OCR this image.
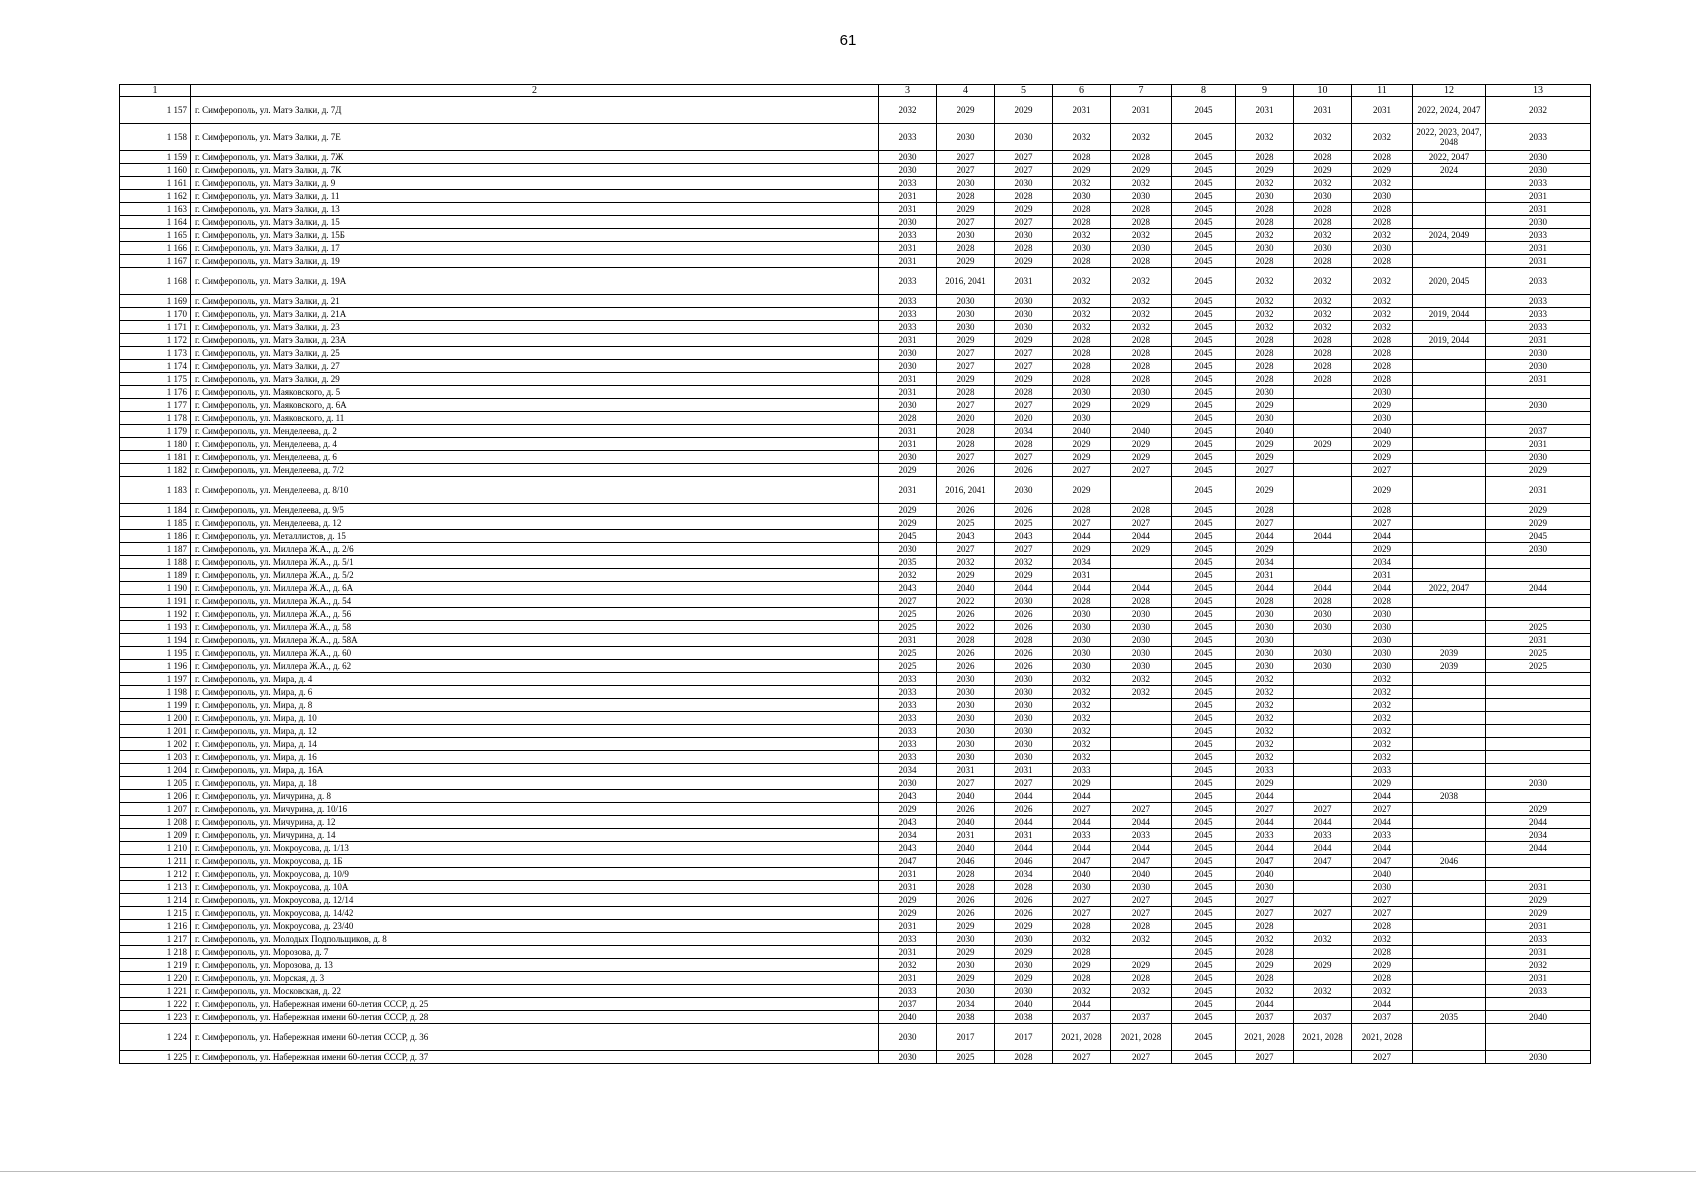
61
1	2	3	4	5	6	7	8	9	10	11	12	13
1 157	г. Симферополь, ул. Матэ Залки, д. 7Д	2032	2029	2029	2031	2031	2045	2031	2031	2031	2022, 2024, 2047	2032
1 158	г. Симферополь, ул. Матэ Залки, д. 7Е	2033	2030	2030	2032	2032	2045	2032	2032	2032	2022, 2023, 2047, 2048	2033
1 159	г. Симферополь, ул. Матэ Залки, д. 7Ж	2030	2027	2027	2028	2028	2045	2028	2028	2028	2022, 2047	2030
1 160	г. Симферополь, ул. Матэ Залки, д. 7К	2030	2027	2027	2029	2029	2045	2029	2029	2029	2024	2030
1 161	г. Симферополь, ул. Матэ Залки, д. 9	2033	2030	2030	2032	2032	2045	2032	2032	2032		2033
1 162	г. Симферополь, ул. Матэ Залки, д. 11	2031	2028	2028	2030	2030	2045	2030	2030	2030		2031
1 163	г. Симферополь, ул. Матэ Залки, д. 13	2031	2029	2029	2028	2028	2045	2028	2028	2028		2031
1 164	г. Симферополь, ул. Матэ Залки, д. 15	2030	2027	2027	2028	2028	2045	2028	2028	2028		2030
1 165	г. Симферополь, ул. Матэ Залки, д. 15Б	2033	2030	2030	2032	2032	2045	2032	2032	2032	2024, 2049	2033
1 166	г. Симферополь, ул. Матэ Залки, д. 17	2031	2028	2028	2030	2030	2045	2030	2030	2030		2031
1 167	г. Симферополь, ул. Матэ Залки, д. 19	2031	2029	2029	2028	2028	2045	2028	2028	2028		2031
1 168	г. Симферополь, ул. Матэ Залки, д. 19А	2033	2016, 2041	2031	2032	2032	2045	2032	2032	2032	2020, 2045	2033
1 169	г. Симферополь, ул. Матэ Залки, д. 21	2033	2030	2030	2032	2032	2045	2032	2032	2032		2033
1 170	г. Симферополь, ул. Матэ Залки, д. 21А	2033	2030	2030	2032	2032	2045	2032	2032	2032	2019, 2044	2033
1 171	г. Симферополь, ул. Матэ Залки, д. 23	2033	2030	2030	2032	2032	2045	2032	2032	2032		2033
1 172	г. Симферополь, ул. Матэ Залки, д. 23А	2031	2029	2029	2028	2028	2045	2028	2028	2028	2019, 2044	2031
1 173	г. Симферополь, ул. Матэ Залки, д. 25	2030	2027	2027	2028	2028	2045	2028	2028	2028		2030
1 174	г. Симферополь, ул. Матэ Залки, д. 27	2030	2027	2027	2028	2028	2045	2028	2028	2028		2030
1 175	г. Симферополь, ул. Матэ Залки, д. 29	2031	2029	2029	2028	2028	2045	2028	2028	2028		2031
1 176	г. Симферополь, ул. Маяковского, д. 5	2031	2028	2028	2030	2030	2045	2030		2030		
1 177	г. Симферополь, ул. Маяковского, д. 6А	2030	2027	2027	2029	2029	2045	2029		2029		2030
1 178	г. Симферополь, ул. Маяковского, д. 11	2028	2020	2020	2030		2045	2030		2030		
1 179	г. Симферополь, ул. Менделеева, д. 2	2031	2028	2034	2040	2040	2045	2040		2040		2037
1 180	г. Симферополь, ул. Менделеева, д. 4	2031	2028	2028	2029	2029	2045	2029	2029	2029		2031
1 181	г. Симферополь, ул. Менделеева, д. 6	2030	2027	2027	2029	2029	2045	2029		2029		2030
1 182	г. Симферополь, ул. Менделеева, д. 7/2	2029	2026	2026	2027	2027	2045	2027		2027		2029
1 183	г. Симферополь, ул. Менделеева, д. 8/10	2031	2016, 2041	2030	2029		2045	2029		2029		2031
1 184	г. Симферополь, ул. Менделеева, д. 9/5	2029	2026	2026	2028	2028	2045	2028		2028		2029
1 185	г. Симферополь, ул. Менделеева, д. 12	2029	2025	2025	2027	2027	2045	2027		2027		2029
1 186	г. Симферополь, ул. Металлистов, д. 15	2045	2043	2043	2044	2044	2045	2044	2044	2044		2045
1 187	г. Симферополь, ул. Миллера Ж.А., д. 2/6	2030	2027	2027	2029	2029	2045	2029		2029		2030
1 188	г. Симферополь, ул. Миллера Ж.А., д. 5/1	2035	2032	2032	2034		2045	2034		2034		
1 189	г. Симферополь, ул. Миллера Ж.А., д. 5/2	2032	2029	2029	2031		2045	2031		2031		
1 190	г. Симферополь, ул. Миллера Ж.А., д. 6А	2043	2040	2044	2044	2044	2045	2044	2044	2044	2022, 2047	2044
1 191	г. Симферополь, ул. Миллера Ж.А., д. 54	2027	2022	2030	2028	2028	2045	2028	2028	2028		
1 192	г. Симферополь, ул. Миллера Ж.А., д. 56	2025	2026	2026	2030	2030	2045	2030	2030	2030		
1 193	г. Симферополь, ул. Миллера Ж.А., д. 58	2025	2022	2026	2030	2030	2045	2030	2030	2030		2025
1 194	г. Симферополь, ул. Миллера Ж.А., д. 58А	2031	2028	2028	2030	2030	2045	2030		2030		2031
1 195	г. Симферополь, ул. Миллера Ж.А., д. 60	2025	2026	2026	2030	2030	2045	2030	2030	2030	2039	2025
1 196	г. Симферополь, ул. Миллера Ж.А., д. 62	2025	2026	2026	2030	2030	2045	2030	2030	2030	2039	2025
1 197	г. Симферополь, ул. Мира, д. 4	2033	2030	2030	2032	2032	2045	2032		2032		
1 198	г. Симферополь, ул. Мира, д. 6	2033	2030	2030	2032	2032	2045	2032		2032		
1 199	г. Симферополь, ул. Мира, д. 8	2033	2030	2030	2032		2045	2032		2032		
1 200	г. Симферополь, ул. Мира, д. 10	2033	2030	2030	2032		2045	2032		2032		
1 201	г. Симферополь, ул. Мира, д. 12	2033	2030	2030	2032		2045	2032		2032		
1 202	г. Симферополь, ул. Мира, д. 14	2033	2030	2030	2032		2045	2032		2032		
1 203	г. Симферополь, ул. Мира, д. 16	2033	2030	2030	2032		2045	2032		2032		
1 204	г. Симферополь, ул. Мира, д. 16А	2034	2031	2031	2033		2045	2033		2033		
1 205	г. Симферополь, ул. Мира, д. 18	2030	2027	2027	2029		2045	2029		2029		2030
1 206	г. Симферополь, ул. Мичурина, д. 8	2043	2040	2044	2044		2045	2044		2044	2038	
1 207	г. Симферополь, ул. Мичурина, д. 10/16	2029	2026	2026	2027	2027	2045	2027	2027	2027		2029
1 208	г. Симферополь, ул. Мичурина, д. 12	2043	2040	2044	2044	2044	2045	2044	2044	2044		2044
1 209	г. Симферополь, ул. Мичурина, д. 14	2034	2031	2031	2033	2033	2045	2033	2033	2033		2034
1 210	г. Симферополь, ул. Мокроусова, д. 1/13	2043	2040	2044	2044	2044	2045	2044	2044	2044		2044
1 211	г. Симферополь, ул. Мокроусова, д. 1Б	2047	2046	2046	2047	2047	2045	2047	2047	2047	2046	
1 212	г. Симферополь, ул. Мокроусова, д. 10/9	2031	2028	2034	2040	2040	2045	2040		2040		
1 213	г. Симферополь, ул. Мокроусова, д. 10А	2031	2028	2028	2030	2030	2045	2030		2030		2031
1 214	г. Симферополь, ул. Мокроусова, д. 12/14	2029	2026	2026	2027	2027	2045	2027		2027		2029
1 215	г. Симферополь, ул. Мокроусова, д. 14/42	2029	2026	2026	2027	2027	2045	2027	2027	2027		2029
1 216	г. Симферополь, ул. Мокроусова, д. 23/40	2031	2029	2029	2028	2028	2045	2028		2028		2031
1 217	г. Симферополь, ул. Молодых Подпольщиков, д. 8	2033	2030	2030	2032	2032	2045	2032	2032	2032		2033
1 218	г. Симферополь, ул. Морозова, д. 7	2031	2029	2029	2028		2045	2028		2028		2031
1 219	г. Симферополь, ул. Морозова, д. 13	2032	2030	2030	2029	2029	2045	2029	2029	2029		2032
1 220	г. Симферополь, ул. Морская, д. 3	2031	2029	2029	2028	2028	2045	2028		2028		2031
1 221	г. Симферополь, ул. Московская, д. 22	2033	2030	2030	2032	2032	2045	2032	2032	2032		2033
1 222	г. Симферополь, ул. Набережная имени 60-летия СССР, д. 25	2037	2034	2040	2044		2045	2044		2044		
1 223	г. Симферополь, ул. Набережная имени 60-летия СССР, д. 28	2040	2038	2038	2037	2037	2045	2037	2037	2037	2035	2040
1 224	г. Симферополь, ул. Набережная имени 60-летия СССР, д. 36	2030	2017	2017	2021, 2028	2021, 2028	2045	2021, 2028	2021, 2028	2021, 2028		
1 225	г. Симферополь, ул. Набережная имени 60-летия СССР, д. 37	2030	2025	2028	2027	2027	2045	2027		2027		2030
